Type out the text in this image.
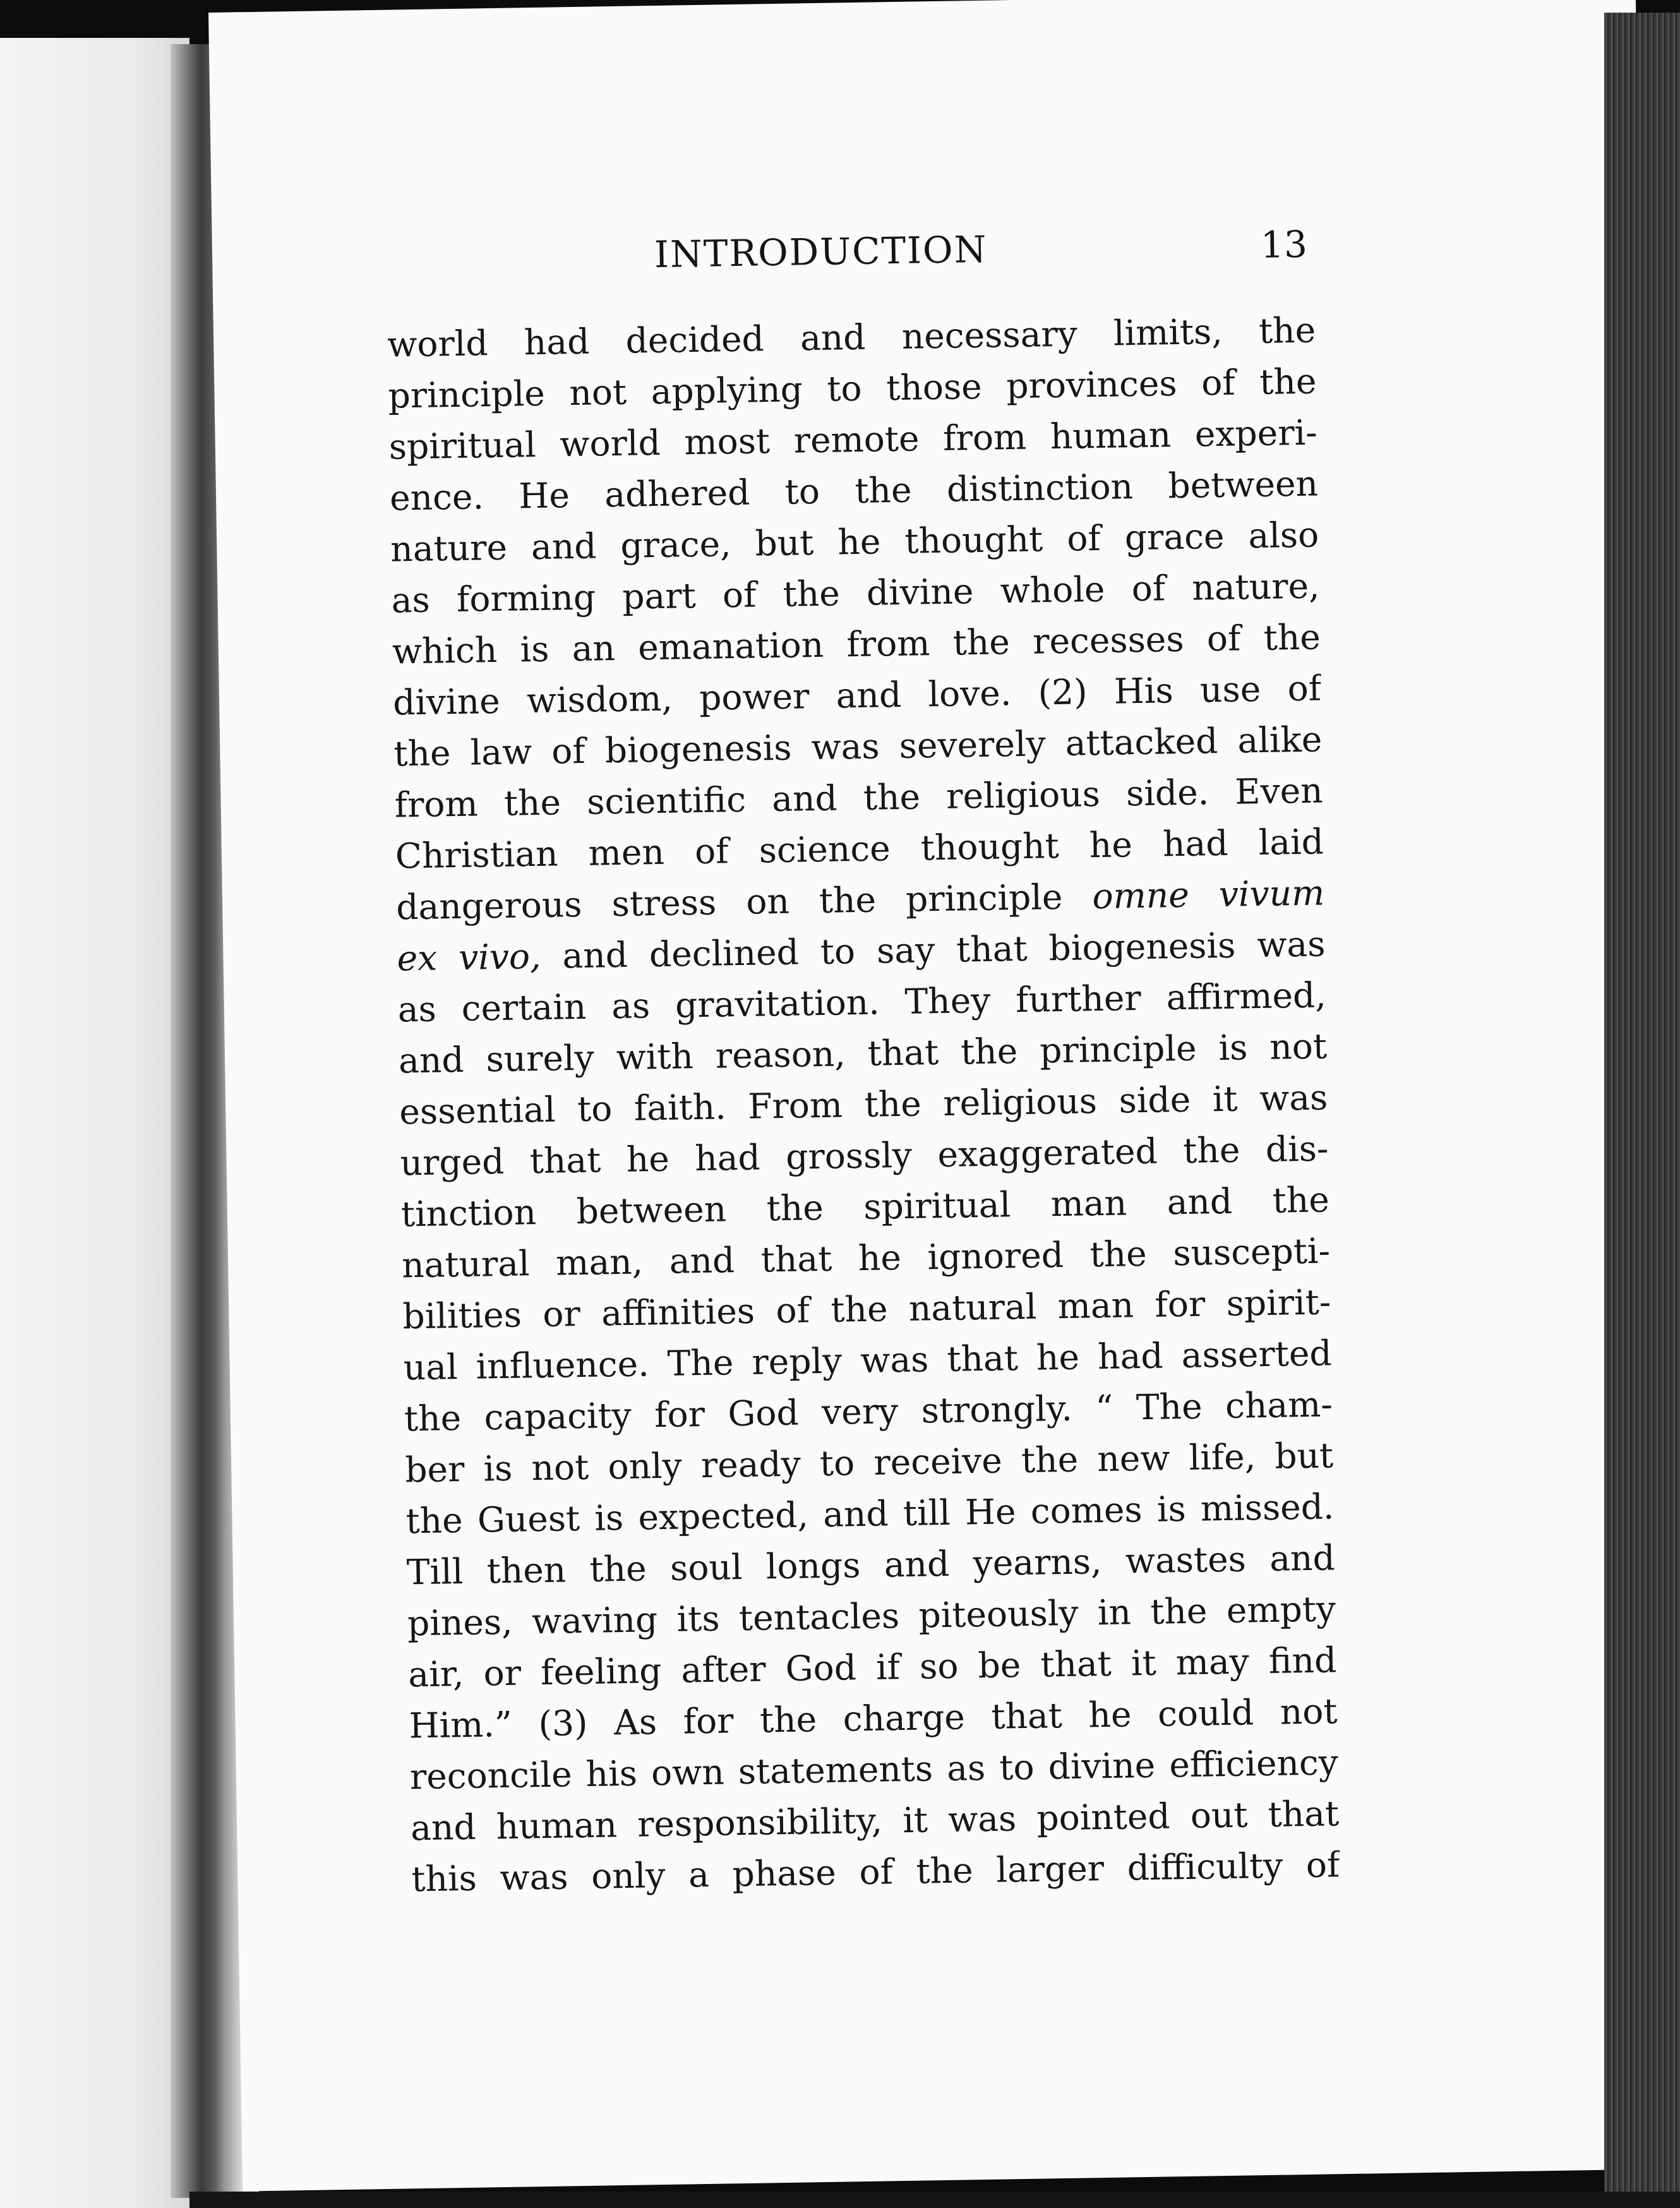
INTRODUCTION	13
world had decided and necessary limits, the
principle not applying to those provinces of the
spiritual world most remote from human experi-
ence. He adhered to the distinction between
nature and grace, but he thought of grace also
as forming part of the divine whole of nature,
which is an emanation from the recesses of the
divine wisdom, power and love. (2) His use of
the law of biogenesis was severely attacked alike
from the scientific and the religious side. Even
Christian men of science thought he had laid
dangerous stress on the principle omne vivum
ex vivo, and declined to say that biogenesis was
as certain as gravitation. They further affirmed,
and surely with reason, that the principle is not
essential to faith. From the religious side it was
urged that he had grossly exaggerated the dis-
tinction between the spiritual man and the
natural man, and that he ignored the suscepti-
bilities or affinities of the natural man for spirit-
ual influence. The reply was that he had asserted
the capacity for God very strongly. “ The cham-
ber is not only ready to receive the new life, but
the Guest is expected, and till He comes is missed.
Till then the soul longs and yearns, wastes and
pines, waving its tentacles piteously in the empty
air, or feeling after God if so be that it may find
Him.” (3) As for the charge that he could not
reconcile his own statements as to divine efficiency
and human responsibility, it was pointed out that
this was only a phase of the larger difficulty of
